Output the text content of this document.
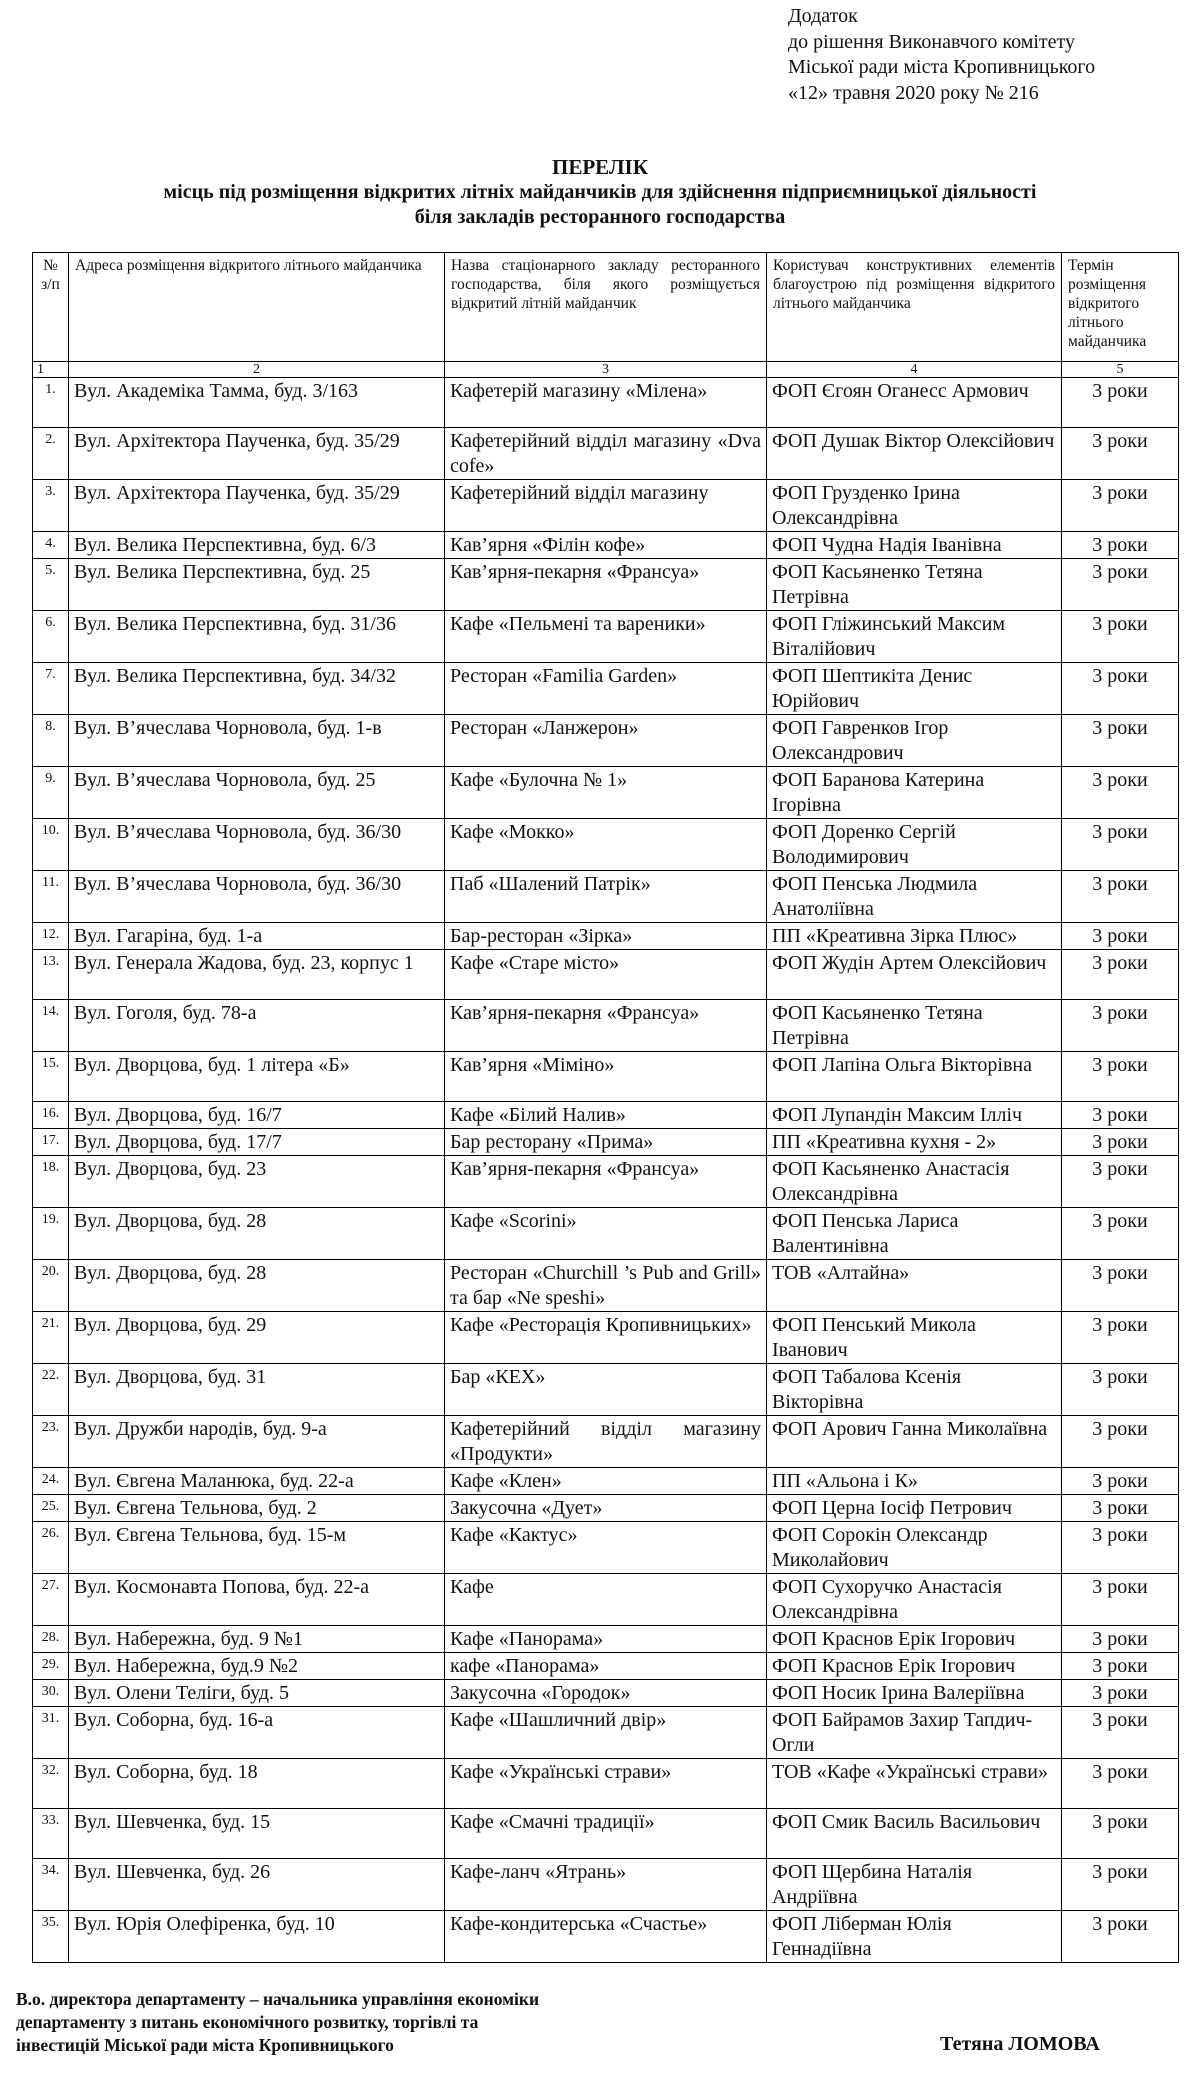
Додаток
до рішення Виконавчого комітету
Міської ради міста Кропивницького
«12» травня 2020 року № 216
ПЕРЕЛІК
місць під розміщення відкритих літніх майданчиків для здійснення підприємницької діяльності
біля закладів ресторанного господарства
№ з/п	Адреса розміщення відкритого літнього майданчика	Назва стаціонарного закладу ресторанного господарства, біля якого розміщується відкритий літній майданчик	Користувач конструктивних елементів благоустрою під розміщення відкритого літнього майданчика	Термін розміщення відкритого літнього майданчика
1	2	3	4	5
1.	Вул. Академіка Тамма, буд. 3/163	Кафетерій магазину «Мілена»	ФОП Єгоян Оганесс Армович	3 роки
2.	Вул. Архітектора Паученка, буд. 35/29	Кафетерійний відділ магазину «Dva cofe»	ФОП Душак Віктор Олексійович	3 роки
3.	Вул. Архітектора Паученка, буд. 35/29	Кафетерійний відділ магазину	ФОП Грузденко Ірина Олександрівна	3 роки
4.	Вул. Велика Перспективна, буд. 6/3	Кав’ярня «Філін кофе»	ФОП Чудна Надія Іванівна	3 роки
5.	Вул. Велика Перспективна, буд. 25	Кав’ярня-пекарня «Франсуа»	ФОП Касьяненко Тетяна Петрівна	3 роки
6.	Вул. Велика Перспективна, буд. 31/36	Кафе «Пельмені та вареники»	ФОП Гліжинський Максим Віталійович	3 роки
7.	Вул. Велика Перспективна, буд. 34/32	Ресторан «Familia Garden»	ФОП Шептикіта Денис Юрійович	3 роки
8.	Вул. В’ячеслава Чорновола, буд. 1-в	Ресторан «Ланжерон»	ФОП Гавренков Ігор Олександрович	3 роки
9.	Вул. В’ячеслава Чорновола, буд. 25	Кафе «Булочна № 1»	ФОП Баранова Катерина Ігорівна	3 роки
10.	Вул. В’ячеслава Чорновола, буд. 36/30	Кафе «Мокко»	ФОП Доренко Сергій Володимирович	3 роки
11.	Вул. В’ячеслава Чорновола, буд. 36/30	Паб «Шалений Патрік»	ФОП Пенська Людмила Анатоліївна	3 роки
12.	Вул. Гагаріна, буд. 1-а	Бар-ресторан «Зірка»	ПП «Креативна Зірка Плюс»	3 роки
13.	Вул. Генерала Жадова, буд. 23, корпус 1	Кафе «Старе місто»	ФОП Жудін Артем Олексійович	3 роки
14.	Вул. Гоголя, буд. 78-а	Кав’ярня-пекарня «Франсуа»	ФОП Касьяненко Тетяна Петрівна	3 роки
15.	Вул. Дворцова, буд. 1 літера «Б»	Кав’ярня «Міміно»	ФОП Лапіна Ольга Вікторівна	3 роки
16.	Вул. Дворцова, буд. 16/7	Кафе «Білий Налив»	ФОП Лупандін Максим Ілліч	3 роки
17.	Вул. Дворцова, буд. 17/7	Бар ресторану «Прима»	ПП «Креативна кухня - 2»	3 роки
18.	Вул. Дворцова, буд. 23	Кав’ярня-пекарня «Франсуа»	ФОП Касьяненко Анастасія Олександрівна	3 роки
19.	Вул. Дворцова, буд. 28	Кафе «Scorini»	ФОП Пенська Лариса Валентинівна	3 роки
20.	Вул. Дворцова, буд. 28	Ресторан «Churchill ’s Pub and Grill» та бар «Ne speshi»	ТОВ «Алтайна»	3 роки
21.	Вул. Дворцова, буд. 29	Кафе «Ресторація Кропивницьких»	ФОП Пенський Микола Іванович	3 роки
22.	Вул. Дворцова, буд. 31	Бар «КЕХ»	ФОП Табалова Ксенія Вікторівна	3 роки
23.	Вул. Дружби народів, буд. 9-а	Кафетерійний відділ магазину «Продукти»	ФОП Арович Ганна Миколаївна	3 роки
24.	Вул. Євгена Маланюка, буд. 22-а	Кафе «Клен»	ПП «Альона і К»	3 роки
25.	Вул. Євгена Тельнова, буд. 2	Закусочна «Дует»	ФОП Церна Іосіф Петрович	3 роки
26.	Вул. Євгена Тельнова, буд. 15-м	Кафе «Кактус»	ФОП Сорокін Олександр Миколайович	3 роки
27.	Вул. Космонавта Попова, буд. 22-а	Кафе	ФОП Сухоручко Анастасія Олександрівна	3 роки
28.	Вул. Набережна, буд. 9 №1	Кафе «Панорама»	ФОП Краснов Ерік Ігорович	3 роки
29.	Вул. Набережна, буд.9 №2	кафе «Панорама»	ФОП Краснов Ерік Ігорович	3 роки
30.	Вул. Олени Теліги, буд. 5	Закусочна «Городок»	ФОП Носик Ірина Валеріївна	3 роки
31.	Вул. Соборна, буд. 16-а	Кафе «Шашличний двір»	ФОП Байрамов Захир Тапдич-Огли	3 роки
32.	Вул. Соборна, буд. 18	Кафе «Українські страви»	ТОВ «Кафе «Українські страви»	3 роки
33.	Вул. Шевченка, буд. 15	Кафе «Смачні традиції»	ФОП Смик Василь Васильович	3 роки
34.	Вул. Шевченка, буд. 26	Кафе-ланч «Ятрань»	ФОП Щербина Наталія Андріївна	3 роки
35.	Вул. Юрія Олефіренка, буд. 10	Кафе-кондитерська «Счастье»	ФОП Ліберман Юлія Геннадіївна	3 роки
В.о. директора департаменту – начальника управління економіки
департаменту з питань економічного розвитку, торгівлі та
інвестицій Міської ради міста Кропивницького	Тетяна ЛОМОВА
